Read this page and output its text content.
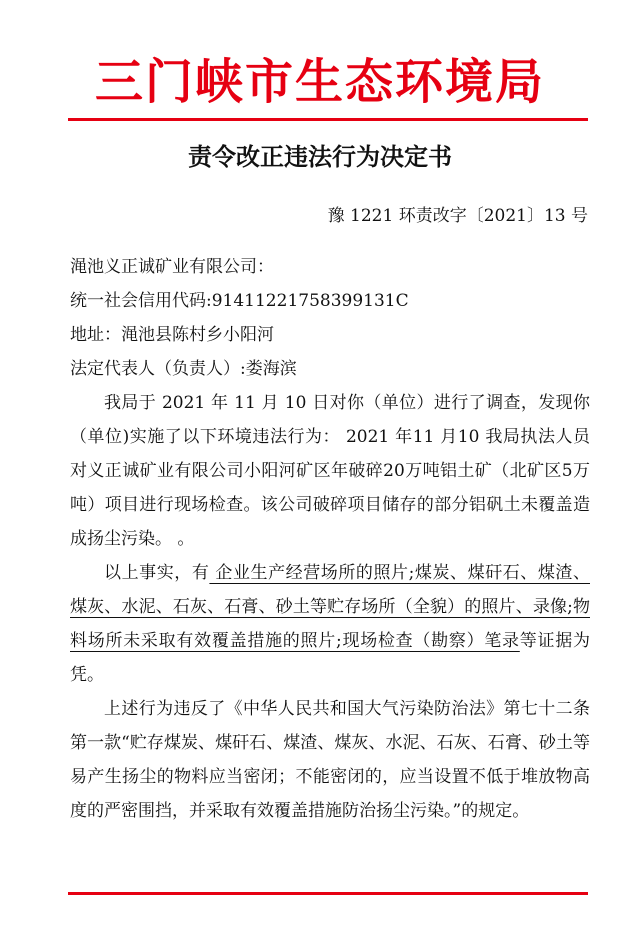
三门峡市生态环境局
责令改正违法行为决定书
豫 1221 环责改字〔2021〕13 号

渑池义正诚矿业有限公司：

统一社会信用代码:91411221758399131C

地址：渑池县陈村乡小阳河

法定代表人（负责人）:娄海滨

我局于 2021 年 11 月 10 日对你（单位）进行了调查，发现你（单位)实施了以下环境违法行为： 2021 年11 月10 我局执法人员对义正诚矿业有限公司小阳河矿区年破碎20万吨铝土矿（北矿区5万吨）项目进行现场检查。该公司破碎项目储存的部分铝矾土未覆盖造成扬尘污染。 。

以上事实，有 企业生产经营场所的照片;煤炭、煤矸石、煤渣、煤灰、水泥、石灰、石膏、砂土等贮存场所（全貌）的照片、录像;物料场所未采取有效覆盖措施的照片;现场检查（勘察）笔录等证据为凭。

上述行为违反了《中华人民共和国大气污染防治法》第七十二条第一款“贮存煤炭、煤矸石、煤渣、煤灰、水泥、石灰、石膏、砂土等易产生扬尘的物料应当密闭；不能密闭的，应当设置不低于堆放物高度的严密围挡，并采取有效覆盖措施防治扬尘污染。”的规定。
